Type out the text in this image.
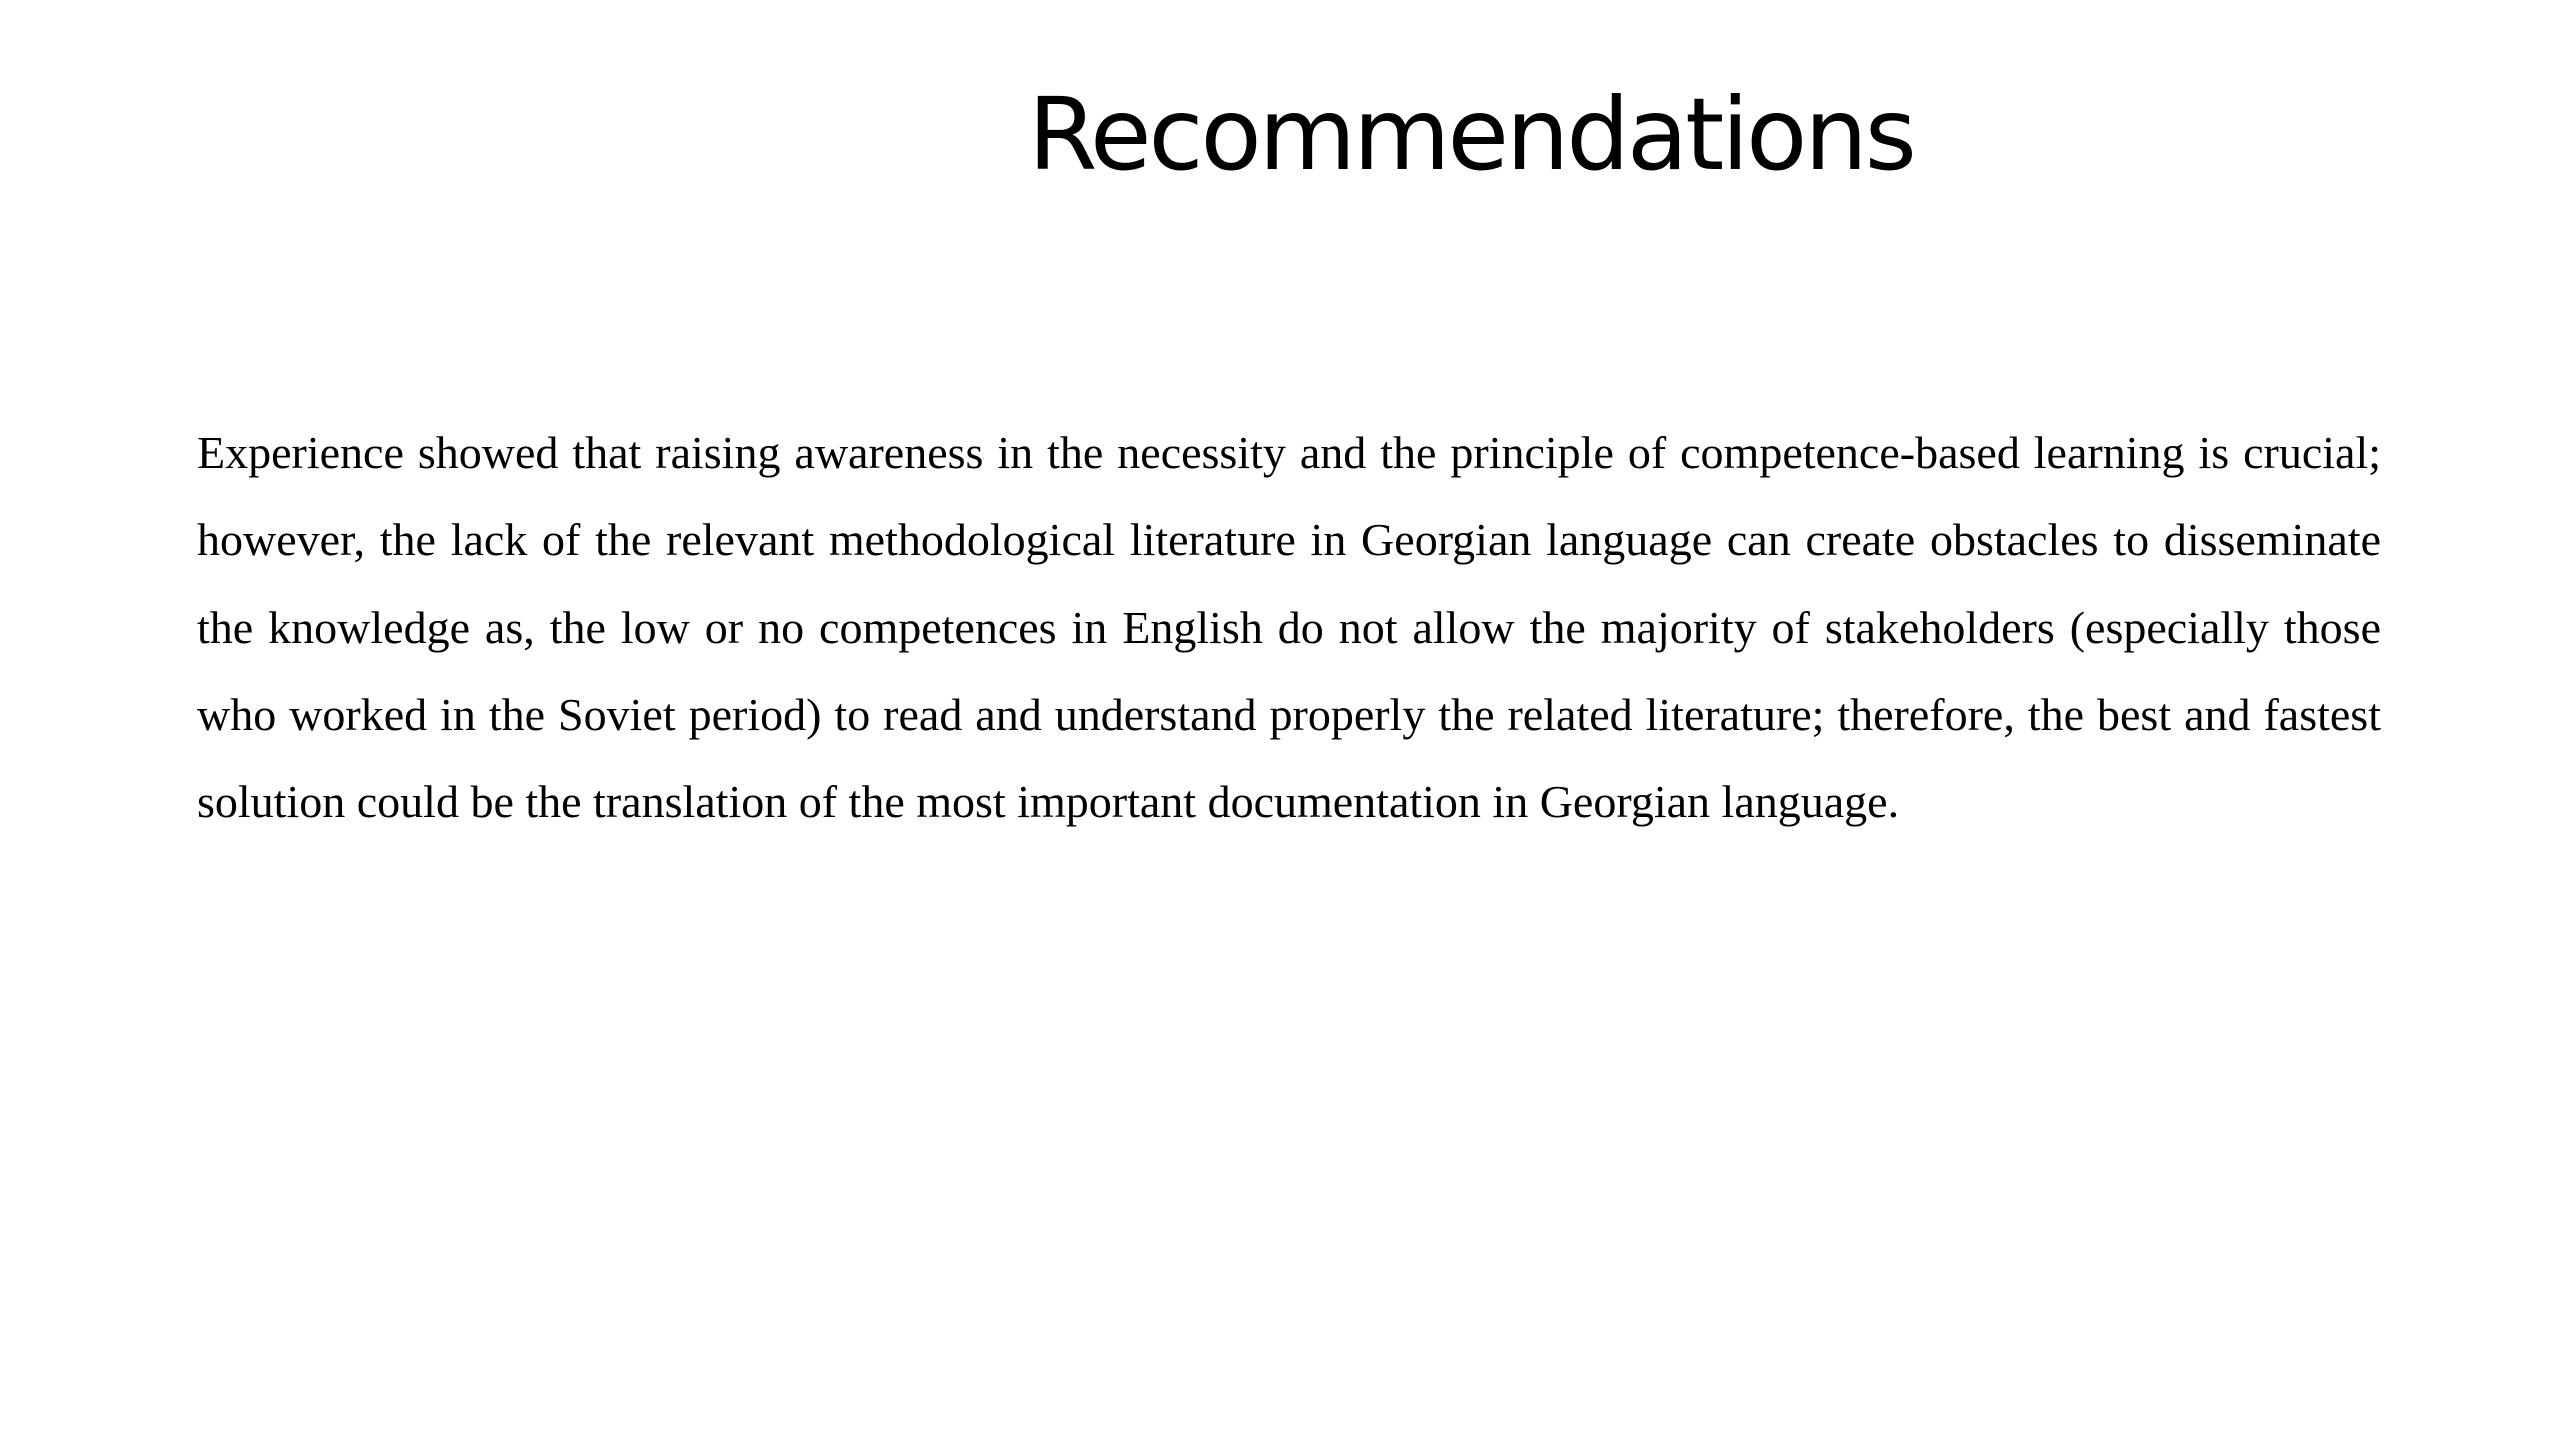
Recommendations

Experience showed that raising awareness in the necessity and the principle of competence-based learning is crucial; however, the lack of the relevant methodological literature in Georgian language can create obstacles to disseminate the knowledge as, the low or no competences in English do not allow the majority of stakeholders (especially those who worked in the Soviet period) to read and understand properly the related literature; therefore, the best and fastest solution could be the translation of the most important documentation in Georgian language.
